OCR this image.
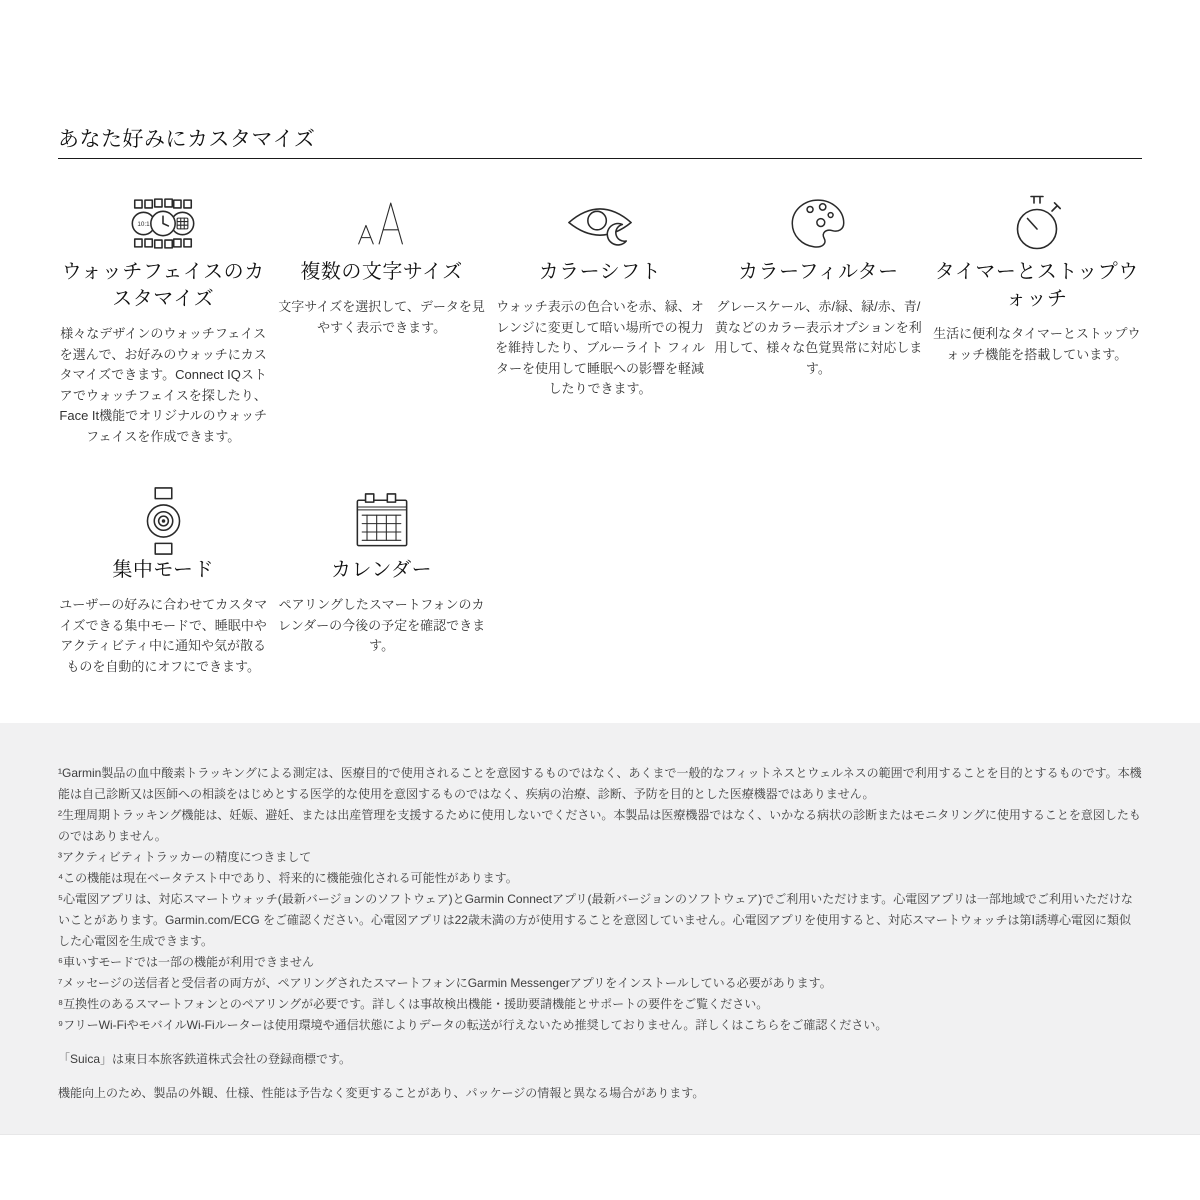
あなた好みにカスタマイズ
10:1
ウォッチフェイスのカスタマイズ

様々なデザインのウォッチフェイスを選んで、お好みのウォッチにカスタマイズできます。Connect IQストアでウォッチフェイスを探したり、Face It機能でオリジナルのウォッチフェイスを作成できます。

複数の文字サイズ

文字サイズを選択して、データを見やすく表示できます。

カラーシフト

ウォッチ表示の色合いを赤、緑、オレンジに変更して暗い場所での視力を維持したり、ブルーライト フィルターを使用して睡眠への影響を軽減したりできます。

カラーフィルター

グレースケール、赤/緑、緑/赤、青/黄などのカラー表示オプションを利用して、様々な色覚異常に対応します。

タイマーとストップウォッチ

生活に便利なタイマーとストップウォッチ機能を搭載しています。

集中モード

ユーザーの好みに合わせてカスタマイズできる集中モードで、睡眠中やアクティビティ中に通知や気が散るものを自動的にオフにできます。

カレンダー

ペアリングしたスマートフォンのカレンダーの今後の予定を確認できます。

¹Garmin製品の血中酸素トラッキングによる測定は、医療目的で使用されることを意図するものではなく、あくまで一般的なフィットネスとウェルネスの範囲で利用することを目的とするものです。本機能は自己診断又は医師への相談をはじめとする医学的な使用を意図するものではなく、疾病の治療、診断、予防を目的とした医療機器ではありません。

²生理周期トラッキング機能は、妊娠、避妊、または出産管理を支援するために使用しないでください。本製品は医療機器ではなく、いかなる病状の診断またはモニタリングに使用することを意図したものではありません。

³アクティビティトラッカーの精度につきまして

⁴この機能は現在ベータテスト中であり、将来的に機能強化される可能性があります。

⁵心電図アプリは、対応スマートウォッチ(最新バージョンのソフトウェア)とGarmin Connectアプリ(最新バージョンのソフトウェア)でご利用いただけます。心電図アプリは一部地域でご利用いただけないことがあります。Garmin.com/ECG をご確認ください。心電図アプリは22歳未満の方が使用することを意図していません。心電図アプリを使用すると、対応スマートウォッチは第Ⅰ誘導心電図に類似した心電図を生成できます。

⁶車いすモードでは一部の機能が利用できません

⁷メッセージの送信者と受信者の両方が、ペアリングされたスマートフォンにGarmin Messengerアプリをインストールしている必要があります。

⁸互換性のあるスマートフォンとのペアリングが必要です。詳しくは事故検出機能・援助要請機能とサポートの要件をご覧ください。

⁹フリーWi-FiやモバイルWi-Fiルーターは使用環境や通信状態によりデータの転送が行えないため推奨しておりません。詳しくはこちらをご確認ください。

「Suica」は東日本旅客鉄道株式会社の登録商標です。

機能向上のため、製品の外観、仕様、性能は予告なく変更することがあり、パッケージの情報と異なる場合があります。
